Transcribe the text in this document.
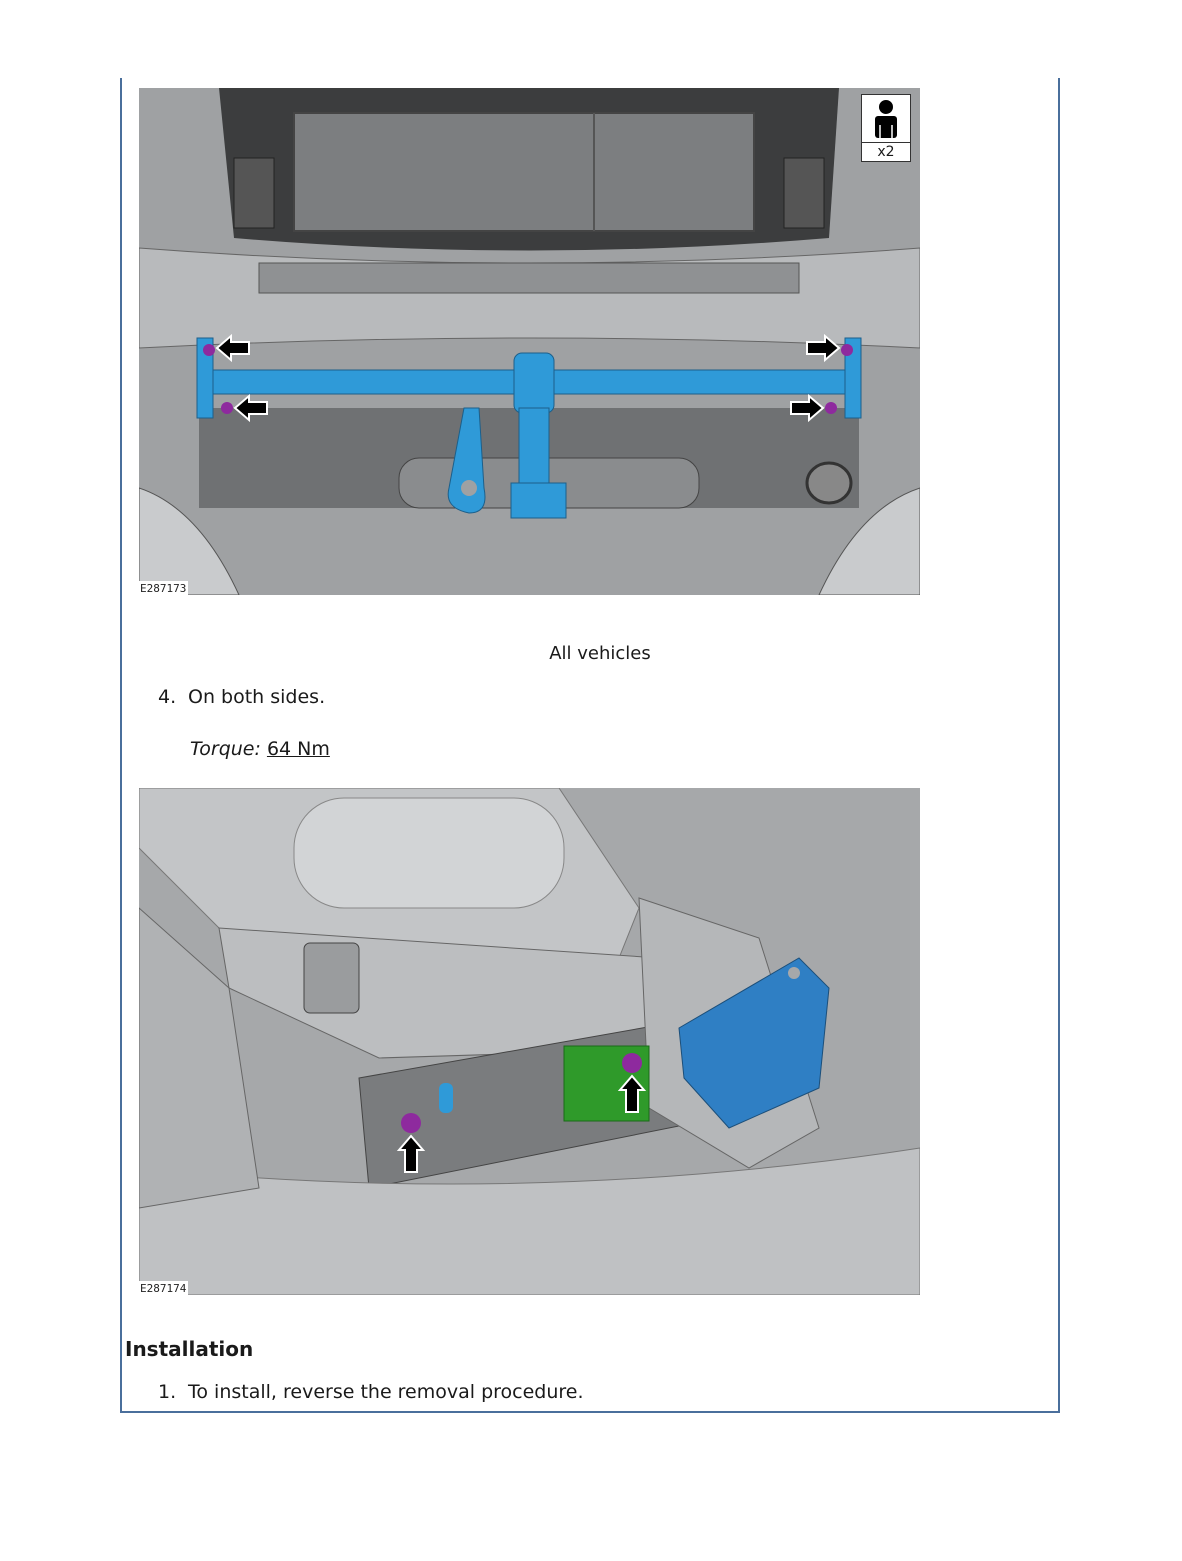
E287173
x2
All vehicles
4. On both sides.
Torque: 64 Nm
E287174
Installation
1. To install, reverse the removal procedure.
